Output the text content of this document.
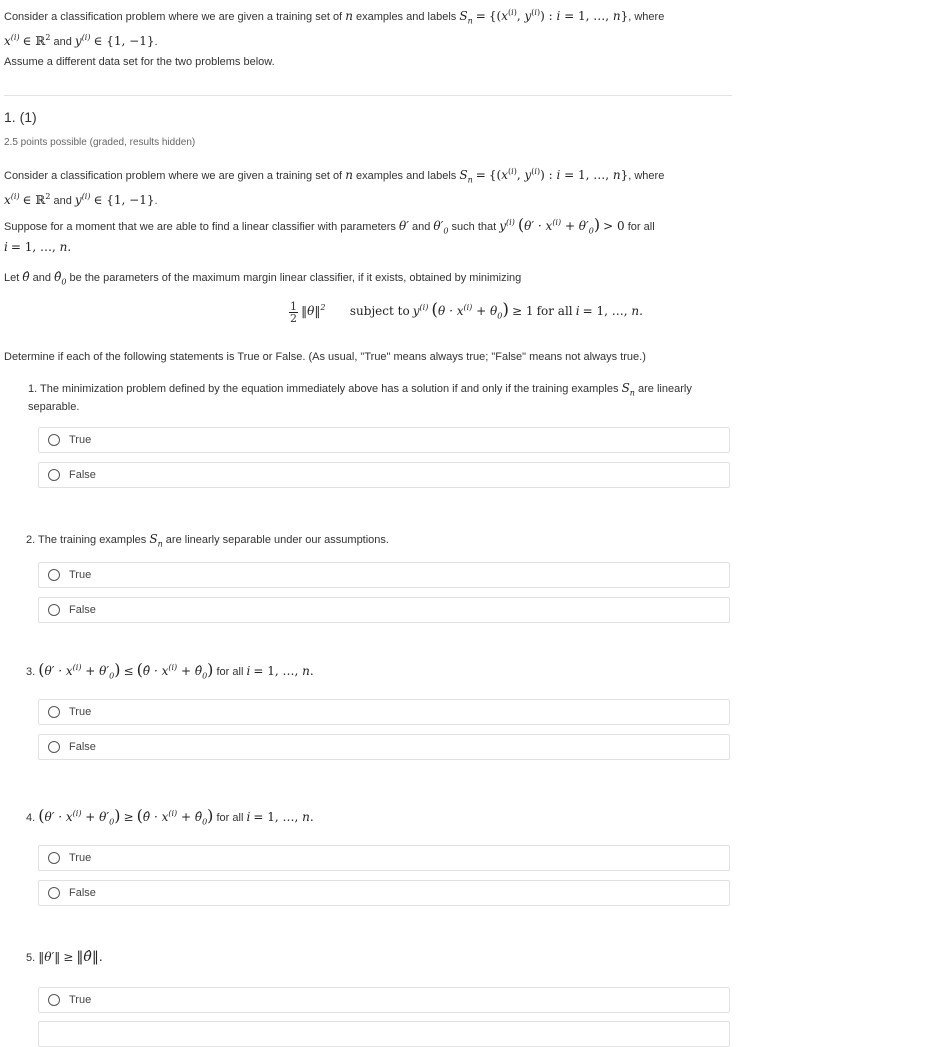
Consider a classification problem where we are given a training set of n examples and labels $S_n = \{(x^{(i)}$, $y^{(i)}$) : i = 1, …, n}, where
$x^{(i)}$ ∈ ℝ$^2$ and $y^{(i)}$ ∈ {1, −1}.
Assume a different data set for the two problems below.
1. (1)
2.5 points possible (graded, results hidden)
Consider a classification problem where we are given a training set of n examples and labels $S_n = \{(x^{(i)}$, $y^{(i)}$) : i = 1, …, n}, where
$x^{(i)}$ ∈ ℝ$^2$ and $y^{(i)}$ ∈ {1, −1}.
Suppose for a moment that we are able to find a linear classifier with parameters θ′ and $\theta'_0$ such that $y^{(i)}$ $(\theta' \cdot x^{(i)} + \theta'_0) > 0$ for all
i = 1, …, n.
Let θ̂ and $\thetâ_0$ be the parameters of the maximum margin linear classifier, if it exists, obtained by minimizing
$\frac{1}{2}$ ‖θ‖$^2$ subject to $y^{(i)}$ $(\theta \cdot x^{(i)} + \theta_0) \ge 1$ for all i = 1, …, n.
Determine if each of the following statements is True or False. (As usual, "True" means always true; "False" means not always true.)
1. The minimization problem defined by the equation immediately above has a solution if and only if the training examples $S_n$ are linearly separable.
True
False
2. The training examples $S_n$ are linearly separable under our assumptions.
True
False
3. $(\theta' \cdot x^{(i)} + \theta'_0)$ ≤ (θ̂ · $x^{(i)}$ + $\thetâ_0$) for all i = 1, …, n.
True
False
4. $(\theta' \cdot x^{(i)} + \theta'_0)$ ≥ (θ̂ · $x^{(i)}$ + $\thetâ_0$) for all i = 1, …, n.
True
False
5. ‖θ′‖ ≥ ‖θ̂‖.
True
